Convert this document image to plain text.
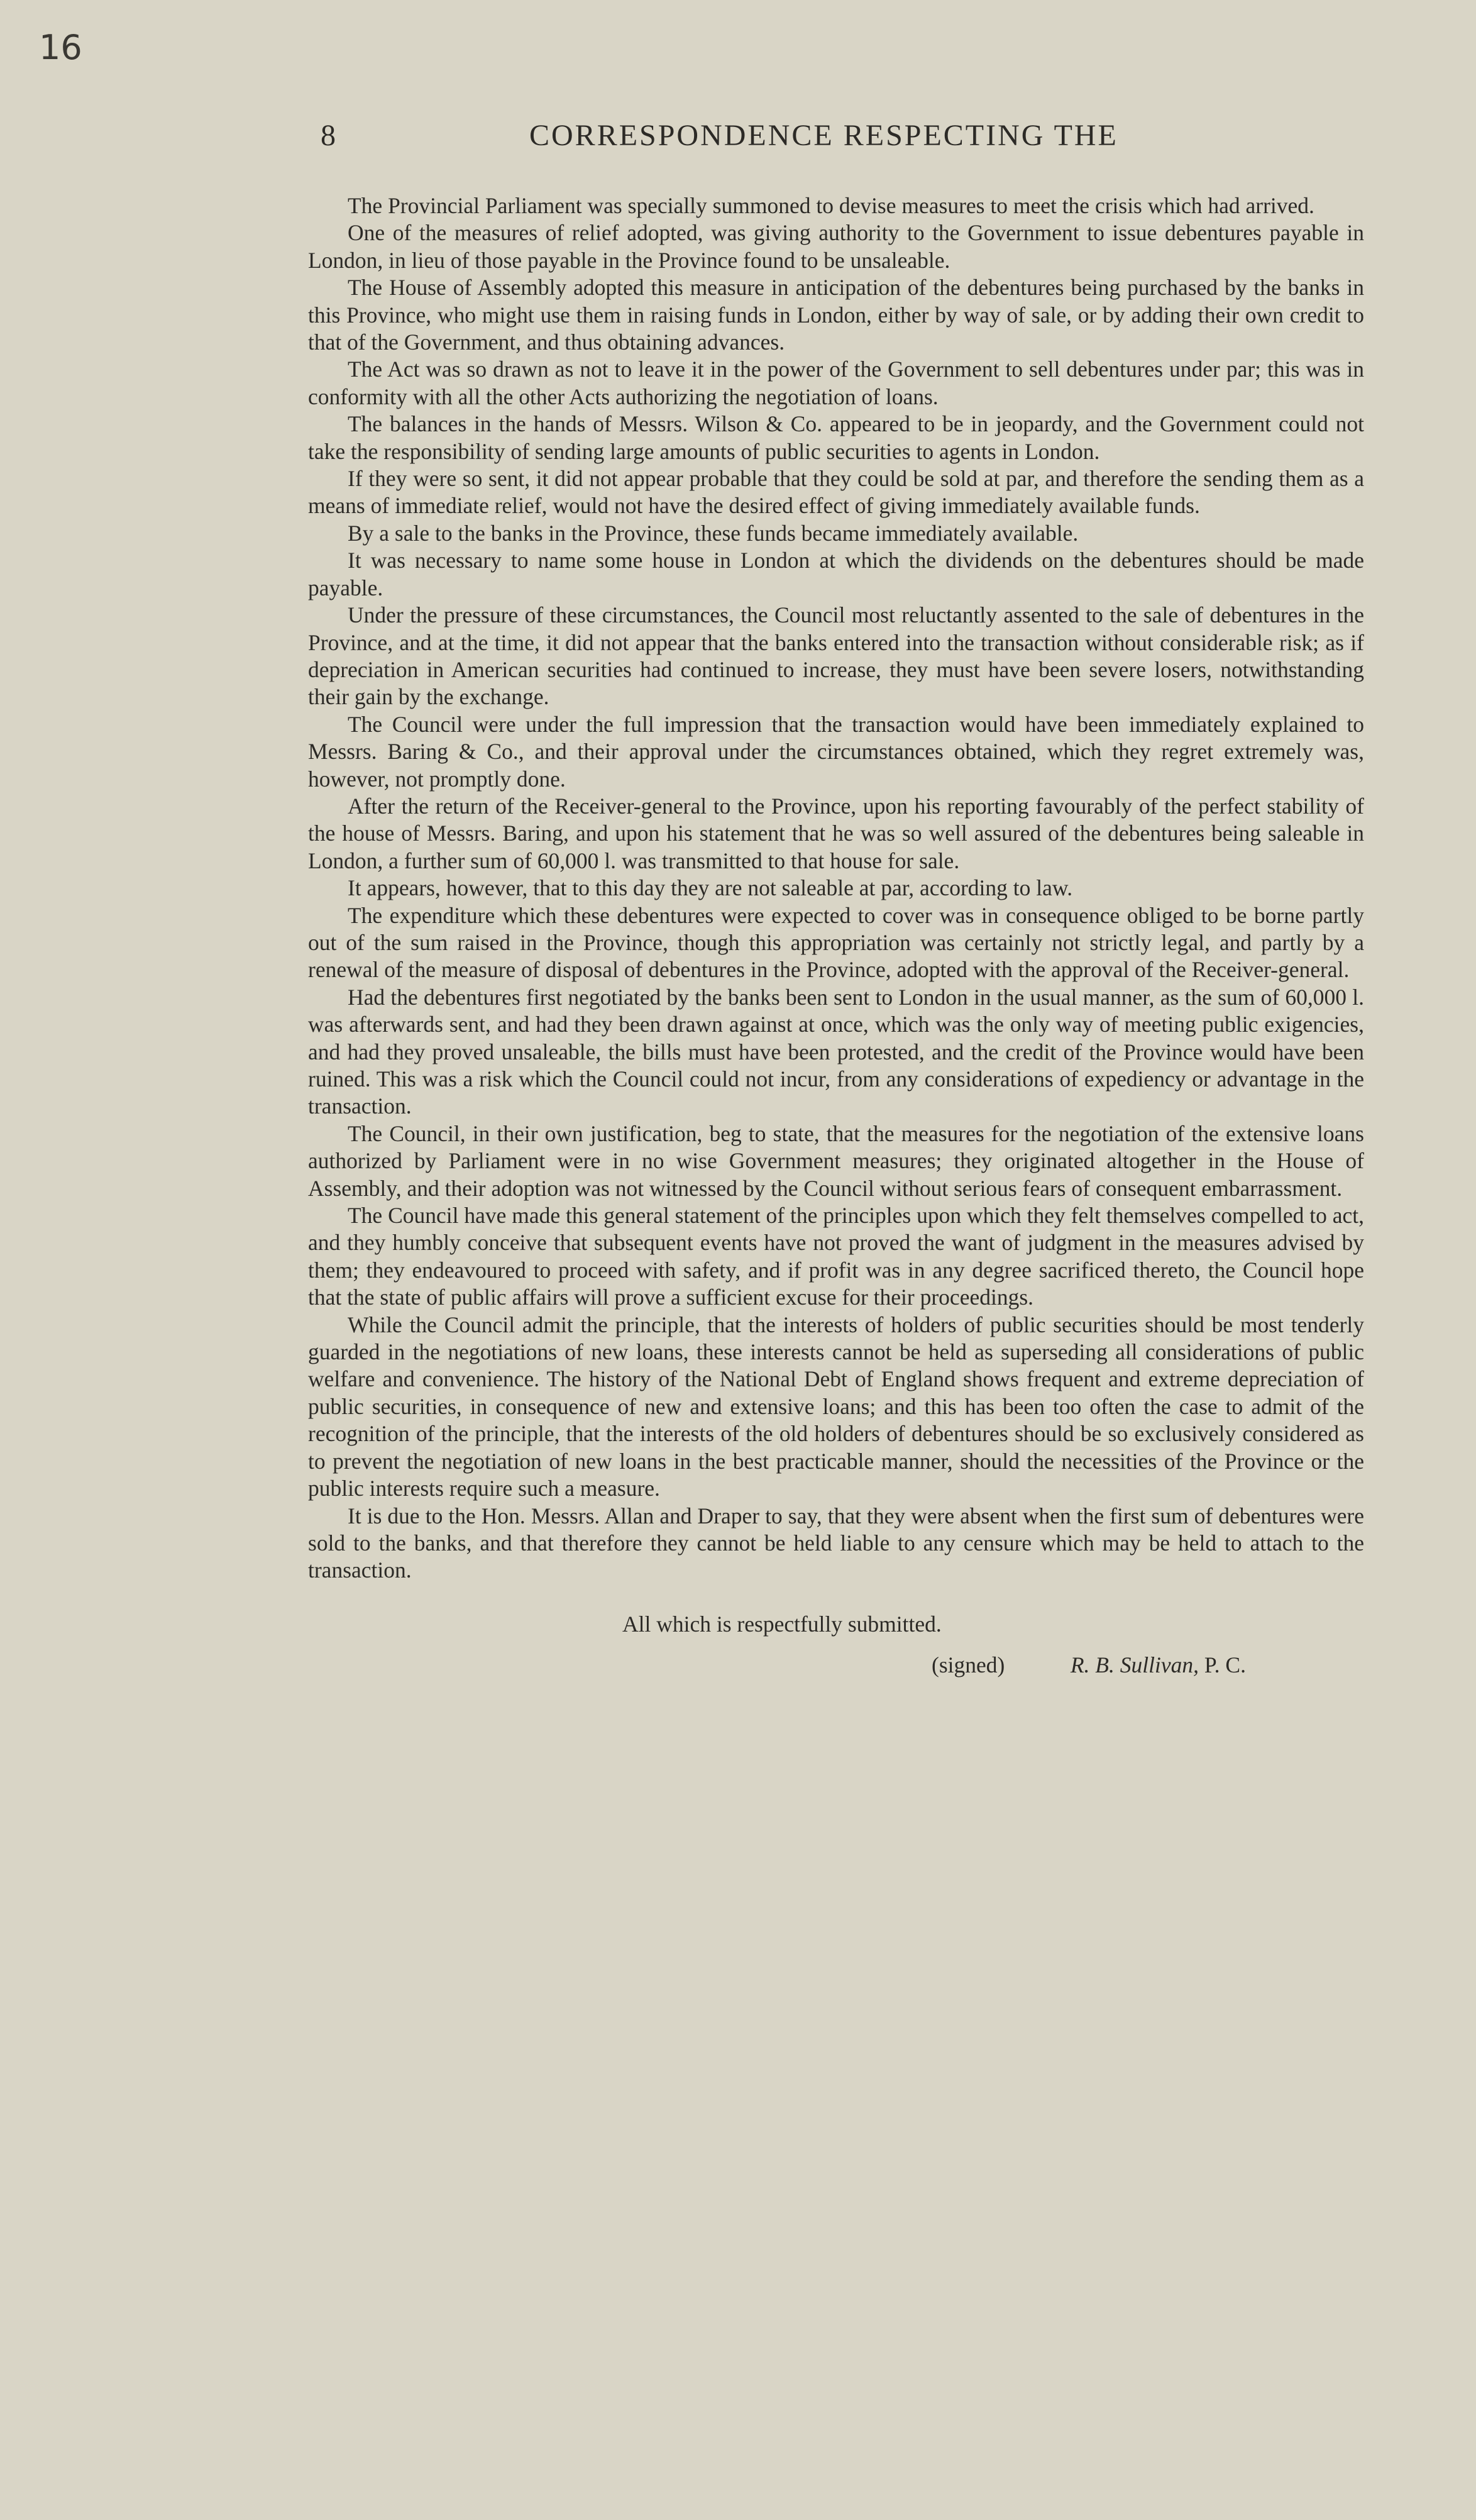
16
8	CORRESPONDENCE RESPECTING THE

The Provincial Parliament was specially summoned to devise measures to meet the crisis which had arrived.

One of the measures of relief adopted, was giving authority to the Government to issue debentures payable in London, in lieu of those payable in the Province found to be unsaleable.

The House of Assembly adopted this measure in anticipation of the debentures being purchased by the banks in this Province, who might use them in raising funds in London, either by way of sale, or by adding their own credit to that of the Government, and thus obtaining advances.

The Act was so drawn as not to leave it in the power of the Government to sell debentures under par; this was in conformity with all the other Acts authorizing the negotiation of loans.

The balances in the hands of Messrs. Wilson & Co. appeared to be in jeopardy, and the Government could not take the responsibility of sending large amounts of public securities to agents in London.

If they were so sent, it did not appear probable that they could be sold at par, and therefore the sending them as a means of immediate relief, would not have the desired effect of giving immediately available funds.

By a sale to the banks in the Province, these funds became immediately available.

It was necessary to name some house in London at which the dividends on the debentures should be made payable.

Under the pressure of these circumstances, the Council most reluctantly assented to the sale of debentures in the Province, and at the time, it did not appear that the banks entered into the transaction without considerable risk; as if depreciation in American securities had continued to increase, they must have been severe losers, notwithstanding their gain by the exchange.

The Council were under the full impression that the transaction would have been immediately explained to Messrs. Baring & Co., and their approval under the circumstances obtained, which they regret extremely was, however, not promptly done.

After the return of the Receiver-general to the Province, upon his reporting favourably of the perfect stability of the house of Messrs. Baring, and upon his statement that he was so well assured of the debentures being saleable in London, a further sum of 60,000 l. was transmitted to that house for sale.

It appears, however, that to this day they are not saleable at par, according to law.

The expenditure which these debentures were expected to cover was in consequence obliged to be borne partly out of the sum raised in the Province, though this appropriation was certainly not strictly legal, and partly by a renewal of the measure of disposal of debentures in the Province, adopted with the approval of the Receiver-general.

Had the debentures first negotiated by the banks been sent to London in the usual manner, as the sum of 60,000 l. was afterwards sent, and had they been drawn against at once, which was the only way of meeting public exigencies, and had they proved unsaleable, the bills must have been protested, and the credit of the Province would have been ruined. This was a risk which the Council could not incur, from any considerations of expediency or advantage in the transaction.

The Council, in their own justification, beg to state, that the measures for the negotiation of the extensive loans authorized by Parliament were in no wise Government measures; they originated altogether in the House of Assembly, and their adoption was not witnessed by the Council without serious fears of consequent embarrassment.

The Council have made this general statement of the principles upon which they felt themselves compelled to act, and they humbly conceive that subsequent events have not proved the want of judgment in the measures advised by them; they endeavoured to proceed with safety, and if profit was in any degree sacrificed thereto, the Council hope that the state of public affairs will prove a sufficient excuse for their proceedings.

While the Council admit the principle, that the interests of holders of public securities should be most tenderly guarded in the negotiations of new loans, these interests cannot be held as superseding all considerations of public welfare and convenience. The history of the National Debt of England shows frequent and extreme depreciation of public securities, in consequence of new and extensive loans; and this has been too often the case to admit of the recognition of the principle, that the interests of the old holders of debentures should be so exclusively considered as to prevent the negotiation of new loans in the best practicable manner, should the necessities of the Province or the public interests require such a measure.

It is due to the Hon. Messrs. Allan and Draper to say, that they were absent when the first sum of debentures were sold to the banks, and that therefore they cannot be held liable to any censure which may be held to attach to the transaction.

All which is respectfully submitted.
(signed)	R. B. Sullivan, P. C.
